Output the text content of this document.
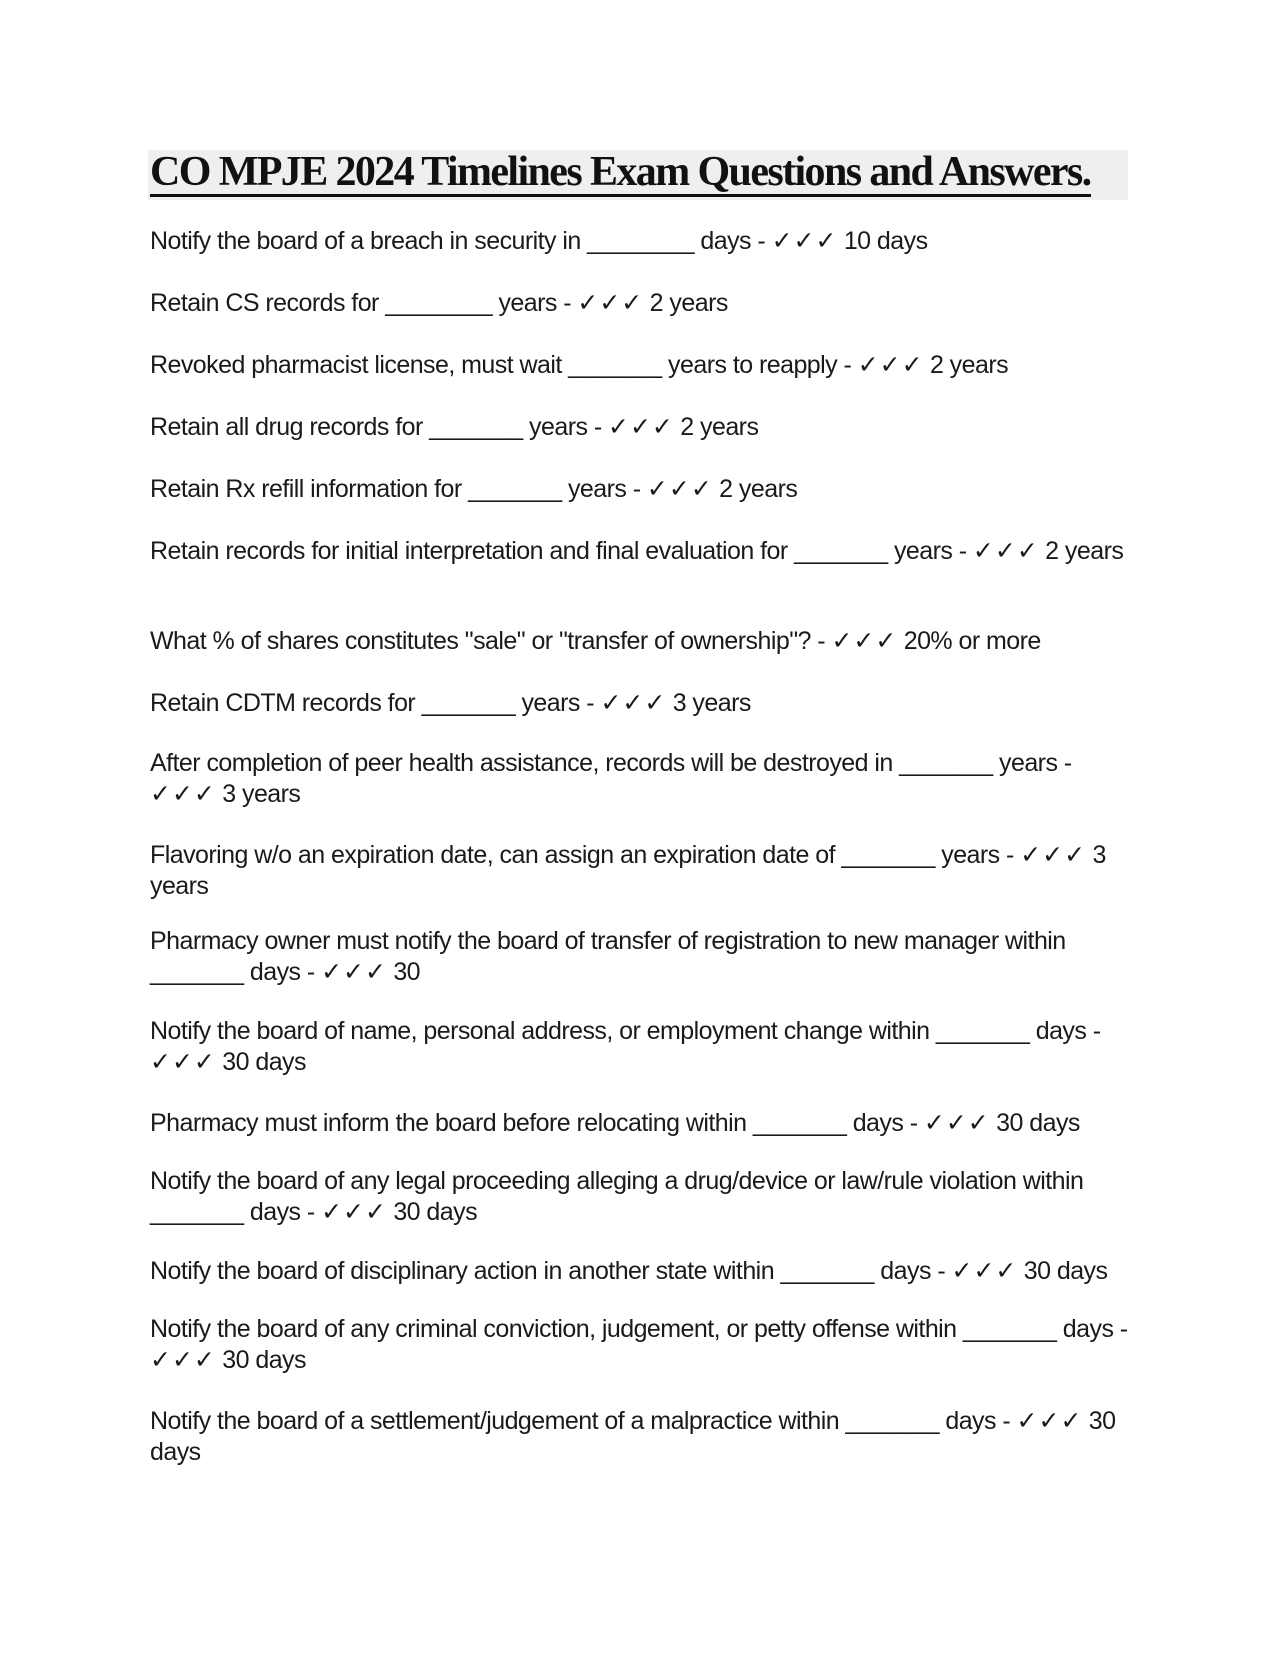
CO MPJE 2024 Timelines Exam Questions and Answers.
Notify the board of a breach in security in ________ days - ✓✓✓ 10 days
Retain CS records for ________ years - ✓✓✓ 2 years
Revoked pharmacist license, must wait _______ years to reapply - ✓✓✓ 2 years
Retain all drug records for _______ years - ✓✓✓ 2 years
Retain Rx refill information for _______ years - ✓✓✓ 2 years
Retain records for initial interpretation and final evaluation for _______ years - ✓✓✓ 2 years
What % of shares constitutes "sale" or "transfer of ownership"? - ✓✓✓ 20% or more
Retain CDTM records for _______ years - ✓✓✓ 3 years
After completion of peer health assistance, records will be destroyed in _______ years - ✓✓✓ 3 years
Flavoring w/o an expiration date, can assign an expiration date of _______ years - ✓✓✓ 3 years
Pharmacy owner must notify the board of transfer of registration to new manager within _______ days - ✓✓✓ 30
Notify the board of name, personal address, or employment change within _______ days - ✓✓✓ 30 days
Pharmacy must inform the board before relocating within _______ days - ✓✓✓ 30 days
Notify the board of any legal proceeding alleging a drug/device or law/rule violation within _______ days - ✓✓✓ 30 days
Notify the board of disciplinary action in another state within _______ days - ✓✓✓ 30 days
Notify the board of any criminal conviction, judgement, or petty offense within _______ days - ✓✓✓ 30 days
Notify the board of a settlement/judgement of a malpractice within _______ days - ✓✓✓ 30 days
